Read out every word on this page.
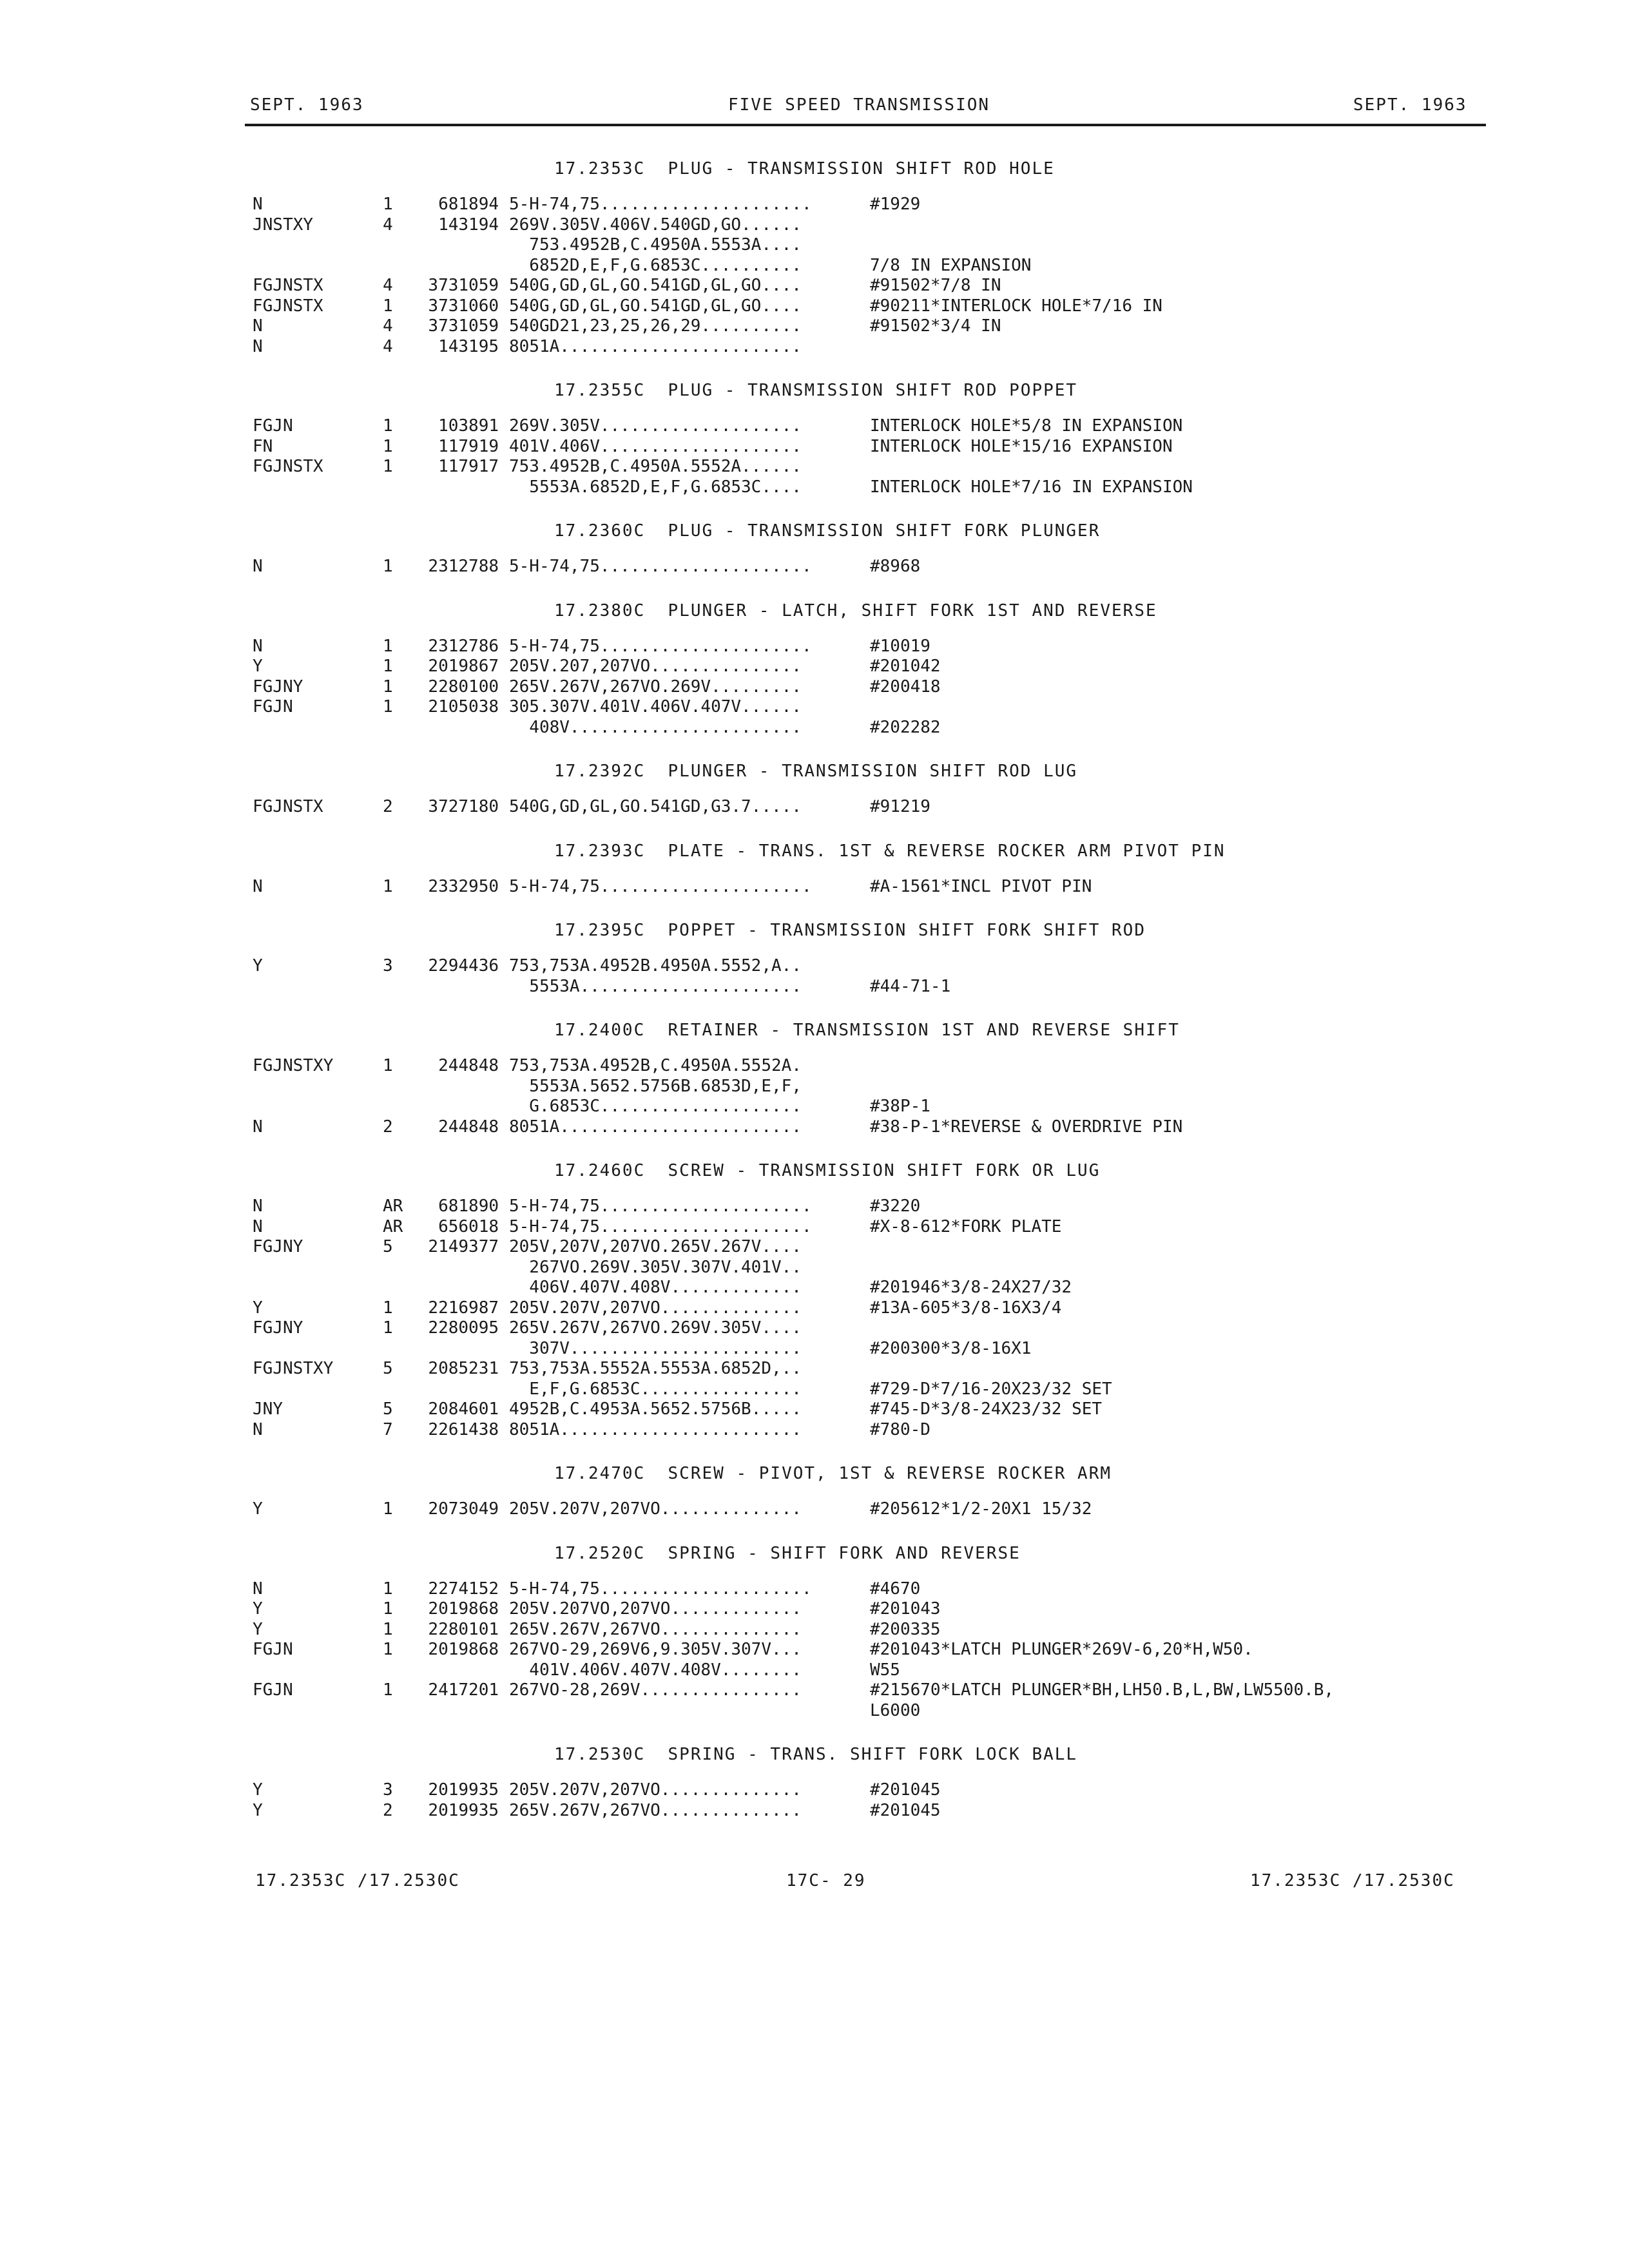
SEPT. 1963	FIVE SPEED TRANSMISSION	SEPT. 1963
17.2353C  PLUG - TRANSMISSION SHIFT ROD HOLE
N	1	681894 5-H-74,75.....................	#1929
JNSTXY	4	143194 269V.305V.406V.540GD,GO......
753.4952B,C.4950A.5553A....
6852D,E,F,G.6853C..........	7/8 IN EXPANSION
FGJNSTX	4	3731059 540G,GD,GL,GO.541GD,GL,GO....	#91502*7/8 IN
FGJNSTX	1	3731060 540G,GD,GL,GO.541GD,GL,GO....	#90211*INTERLOCK HOLE*7/16 IN
N	4	3731059 540GD21,23,25,26,29..........	#91502*3/4 IN
N	4	143195 8051A........................
17.2355C  PLUG - TRANSMISSION SHIFT ROD POPPET
FGJN	1	103891 269V.305V....................	INTERLOCK HOLE*5/8 IN EXPANSION
FN	1	117919 401V.406V....................	INTERLOCK HOLE*15/16 EXPANSION
FGJNSTX	1	117917 753.4952B,C.4950A.5552A......
5553A.6852D,E,F,G.6853C....	INTERLOCK HOLE*7/16 IN EXPANSION
17.2360C  PLUG - TRANSMISSION SHIFT FORK PLUNGER
N	1	2312788 5-H-74,75.....................	#8968
17.2380C  PLUNGER - LATCH, SHIFT FORK 1ST AND REVERSE
N	1	2312786 5-H-74,75.....................	#10019
Y	1	2019867 205V.207,207VO...............	#201042
FGJNY	1	2280100 265V.267V,267VO.269V.........	#200418
FGJN	1	2105038 305.307V.401V.406V.407V......
408V.......................	#202282
17.2392C  PLUNGER - TRANSMISSION SHIFT ROD LUG
FGJNSTX	2	3727180 540G,GD,GL,GO.541GD,G3.7.....	#91219
17.2393C  PLATE - TRANS. 1ST & REVERSE ROCKER ARM PIVOT PIN
N	1	2332950 5-H-74,75.....................	#A-1561*INCL PIVOT PIN
17.2395C  POPPET - TRANSMISSION SHIFT FORK SHIFT ROD
Y	3	2294436 753,753A.4952B.4950A.5552,A..
5553A......................	#44-71-1
17.2400C  RETAINER - TRANSMISSION 1ST AND REVERSE SHIFT
FGJNSTXY	1	244848 753,753A.4952B,C.4950A.5552A.
5553A.5652.5756B.6853D,E,F,
G.6853C....................	#38P-1
N	2	244848 8051A........................	#38-P-1*REVERSE & OVERDRIVE PIN
17.2460C  SCREW - TRANSMISSION SHIFT FORK OR LUG
N	AR	681890 5-H-74,75.....................	#3220
N	AR	656018 5-H-74,75.....................	#X-8-612*FORK PLATE
FGJNY	5	2149377 205V,207V,207VO.265V.267V....
267VO.269V.305V.307V.401V..
406V.407V.408V.............	#201946*3/8-24X27/32
Y	1	2216987 205V.207V,207VO..............	#13A-605*3/8-16X3/4
FGJNY	1	2280095 265V.267V,267VO.269V.305V....
307V.......................	#200300*3/8-16X1
FGJNSTXY	5	2085231 753,753A.5552A.5553A.6852D,..
E,F,G.6853C................	#729-D*7/16-20X23/32 SET
JNY	5	2084601 4952B,C.4953A.5652.5756B.....	#745-D*3/8-24X23/32 SET
N	7	2261438 8051A........................	#780-D
17.2470C  SCREW - PIVOT, 1ST & REVERSE ROCKER ARM
Y	1	2073049 205V.207V,207VO..............	#205612*1/2-20X1 15/32
17.2520C  SPRING - SHIFT FORK AND REVERSE
N	1	2274152 5-H-74,75.....................	#4670
Y	1	2019868 205V.207VO,207VO.............	#201043
Y	1	2280101 265V.267V,267VO..............	#200335
FGJN	1	2019868 267VO-29,269V6,9.305V.307V...	#201043*LATCH PLUNGER*269V-6,20*H,W50.
401V.406V.407V.408V........	W55
FGJN	1	2417201 267VO-28,269V................	#215670*LATCH PLUNGER*BH,LH50.B,L,BW,LW5500.B,
L6000
17.2530C  SPRING - TRANS. SHIFT FORK LOCK BALL
Y	3	2019935 205V.207V,207VO..............	#201045
Y	2	2019935 265V.267V,267VO..............	#201045
17.2353C /17.2530C	17C- 29	17.2353C /17.2530C
